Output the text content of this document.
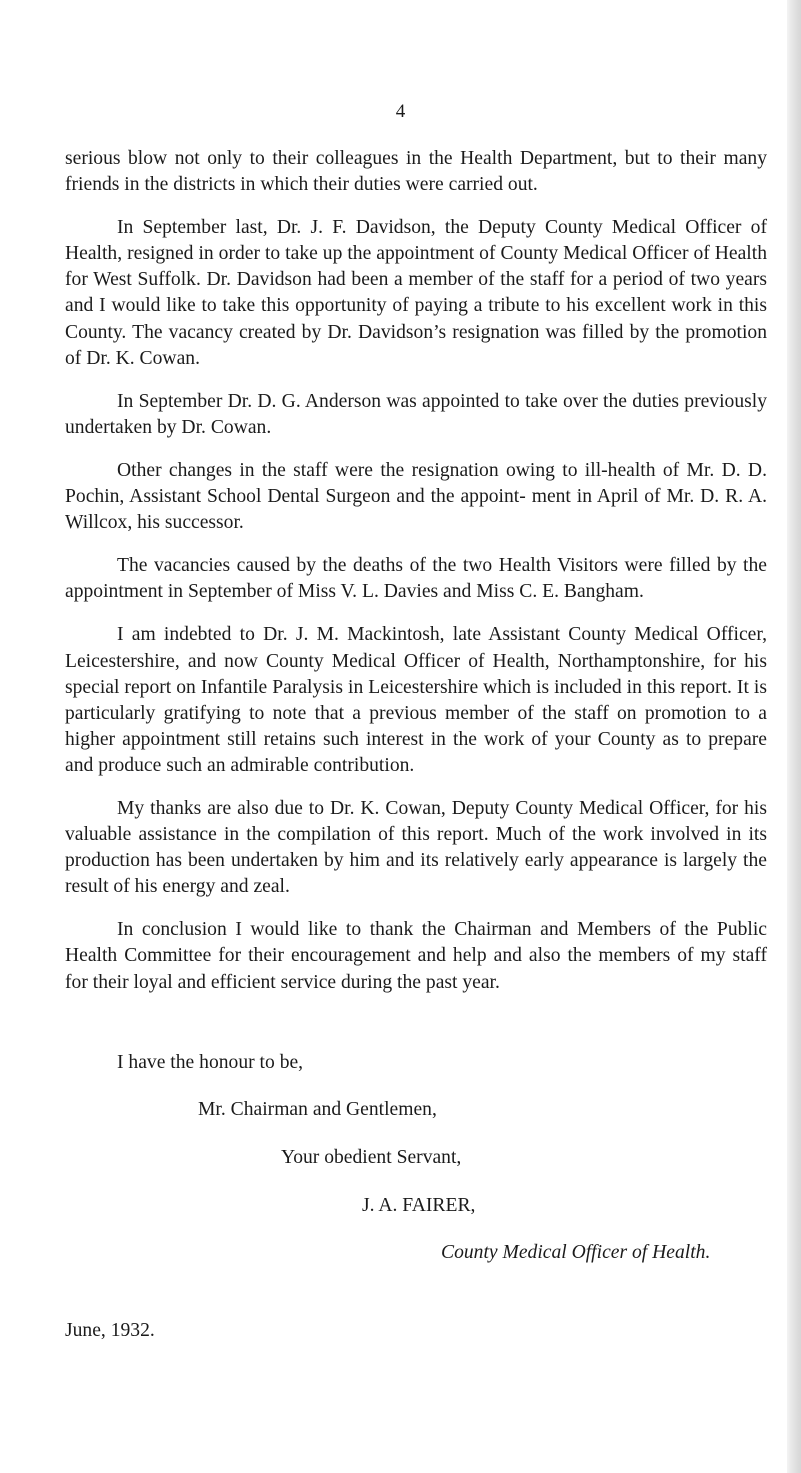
4

serious blow not only to their colleagues in the Health Department, but to their many friends in the districts in which their duties were carried out.

In September last, Dr. J. F. Davidson, the Deputy County Medical Officer of Health, resigned in order to take up the appointment of County Medical Officer of Health for West Suffolk. Dr. Davidson had been a member of the staff for a period of two years and I would like to take this opportunity of paying a tribute to his excellent work in this County. The vacancy created by Dr. Davidson’s resignation was filled by the promotion of Dr. K. Cowan.

In September Dr. D. G. Anderson was appointed to take over the duties previously undertaken by Dr. Cowan.

Other changes in the staff were the resignation owing to ill-health of Mr. D. D. Pochin, Assistant School Dental Surgeon and the appoint- ment in April of Mr. D. R. A. Willcox, his successor.

The vacancies caused by the deaths of the two Health Visitors were filled by the appointment in September of Miss V. L. Davies and Miss C. E. Bangham.

I am indebted to Dr. J. M. Mackintosh, late Assistant County Medical Officer, Leicestershire, and now County Medical Officer of Health, Northamptonshire, for his special report on Infantile Paralysis in Leicestershire which is included in this report. It is particularly gratifying to note that a previous member of the staff on promotion to a higher appointment still retains such interest in the work of your County as to prepare and produce such an admirable contribution.

My thanks are also due to Dr. K. Cowan, Deputy County Medical Officer, for his valuable assistance in the compilation of this report. Much of the work involved in its production has been undertaken by him and its relatively early appearance is largely the result of his energy and zeal.

In conclusion I would like to thank the Chairman and Members of the Public Health Committee for their encouragement and help and also the members of my staff for their loyal and efficient service during the past year.

I have the honour to be,
Mr. Chairman and Gentlemen,
Your obedient Servant,
J. A. FAIRER,
County Medical Officer of Health.
June, 1932.
